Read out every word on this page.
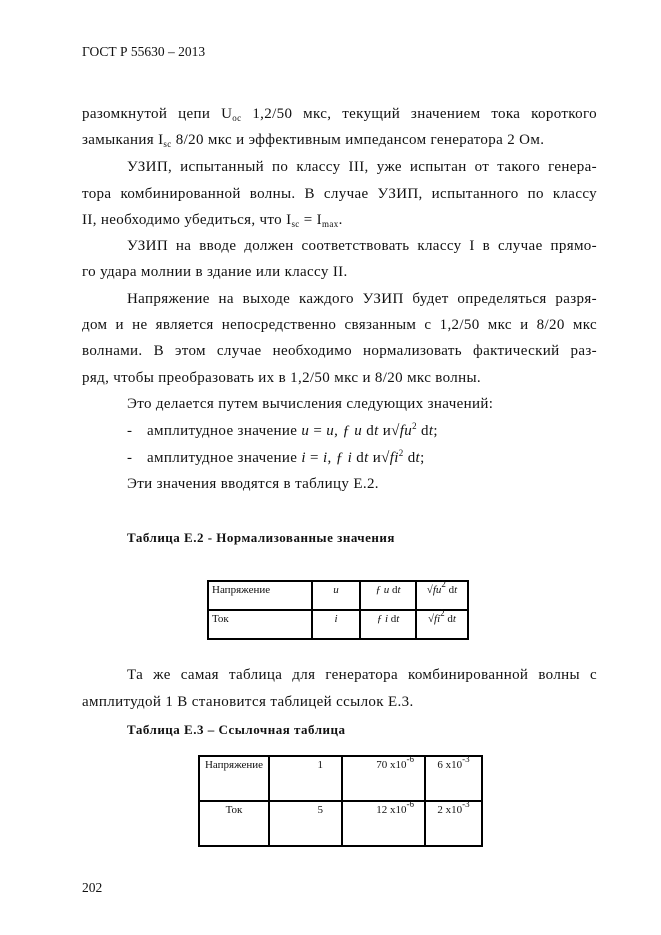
ГОСТ Р 55630 – 2013
разомкнутой цепи $U_{oc}$ 1,2/50 мкс, текущий значением тока короткого
замыкания $I_{sc}$ 8/20 мкс и эффективным импедансом генератора 2 Ом.
УЗИП, испытанный по классу III, уже испытан от такого генера-
тора комбинированной волны. В случае УЗИП, испытанного по классу
II, необходимо убедиться, что $I_{sc} = I_{max}$.
УЗИП на вводе должен соответствовать классу I в случае прямо-
го удара молнии в здание или классу II.
Напряжение на выходе каждого УЗИП будет определяться разря-
дом и не является непосредственно связанным с 1,2/50 мкс и 8/20 мкс
волнами. В этом случае необходимо нормализовать фактический раз-
ряд, чтобы преобразовать их в 1,2/50 мкс и 8/20 мкс волны.
Это делается путем вычисления следующих значений:
- амплитудное значение u = u, ƒ u dt $и√fu^2$ dt;
- амплитудное значение i = i, ƒ i dt $и√fi^2$ dt;
Эти значения вводятся в таблицу Е.2.
Таблица Е.2 - Нормализованные значения
Напряжение	u	ƒ u dt	$√fu^2$ dt
Ток	i	ƒ i dt	$√fi^2$ dt
Та же самая таблица для генератора комбинированной волны с
амплитудой 1 В становится таблицей ссылок Е.3.
Таблица Е.3 – Ссылочная таблица
Напряжение	1	70 $x10^{-6}$	6 $x10^{-3}$
Ток	5	12 $x10^{-6}$	2 $x10^{-3}$
202
